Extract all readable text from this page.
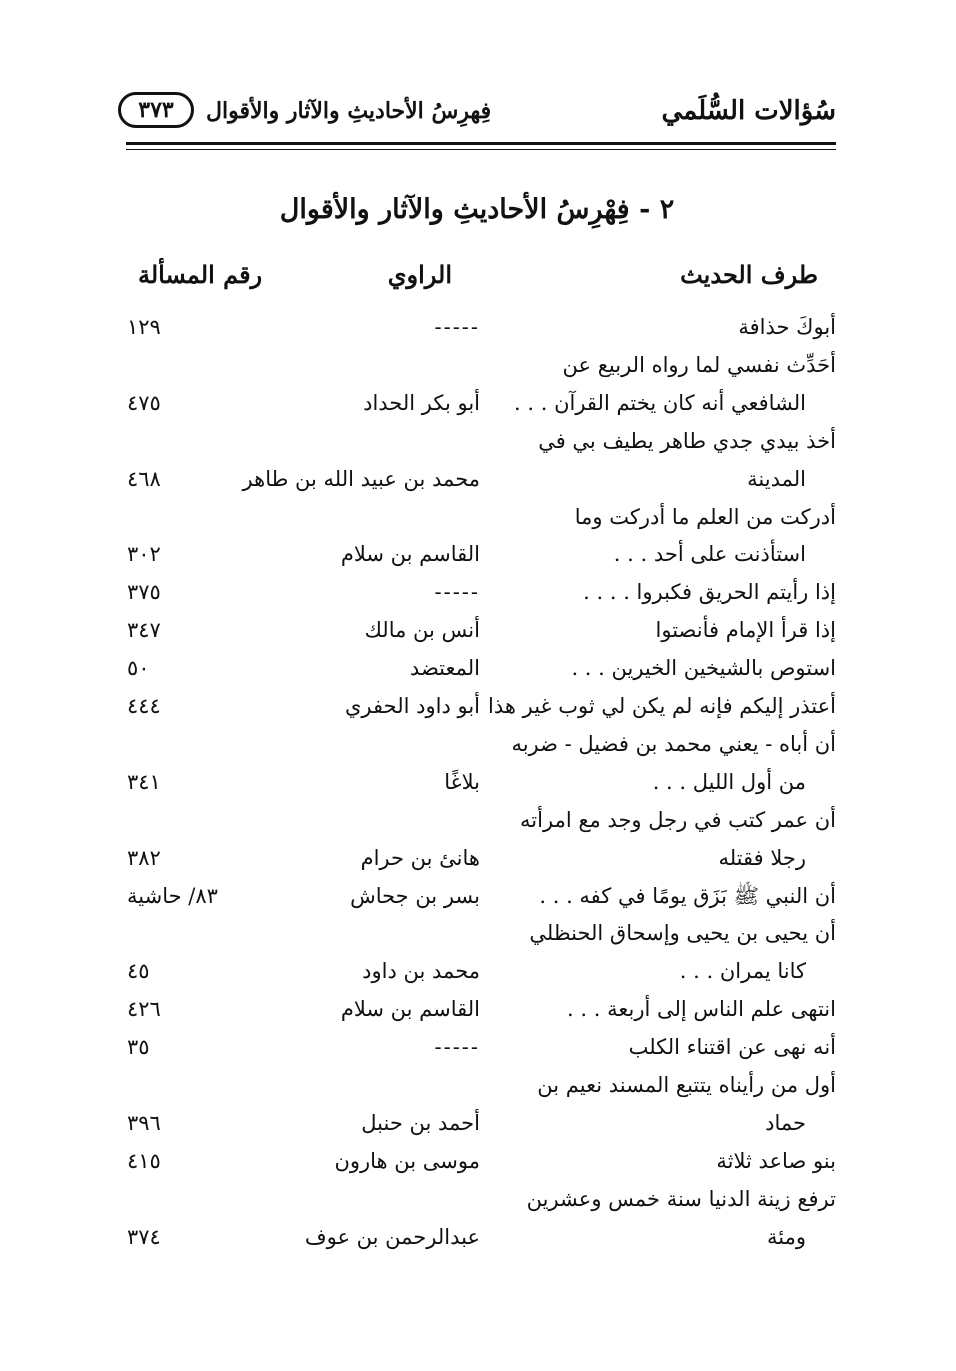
سُؤالات السُّلَمي
فِهرِسُ الأحاديثِ والآثار والأقوال
٣٧٣
٢ - فِهْرِسُ الأحاديثِ والآثار والأقوال
طرف الحديث
الراوي
رقم المسألة
أبوكَ حذافة
-----
١٢٩
أحَدِّث نفسي لما رواه الربيع عن
الشافعي أنه كان يختم القرآن . . .
أبو بكر الحداد
٤٧٥
أخذ بيدي جدي طاهر يطيف بي في
المدينة
محمد بن عبيد الله بن طاهر
٤٦٨
أدركت من العلم ما أدركت وما
استأذنت على أحد . . .
القاسم بن سلام
٣٠٢
إذا رأيتم الحريق فكبروا . . . .
-----
٣٧٥
إذا قرأ الإمام فأنصتوا
أنس بن مالك
٣٤٧
استوص بالشيخين الخيرين . . .
المعتضد
٥٠
أعتذر إليكم فإنه لم يكن لي ثوب غير هذا
أبو داود الحفري
٤٤٤
أن أباه - يعني محمد بن فضيل - ضربه
من أول الليل . . .
بلاغًا
٣٤١
أن عمر كتب في رجل وجد مع امرأته
رجلا فقتله
هانئ بن حرام
٣٨٢
أن النبي ﷺ بَزَق يومًا في كفه . . .
بسر بن جحاش
٨٣/ حاشية
أن يحيى بن يحيى وإسحاق الحنظلي
كانا يمران . . .
محمد بن داود
٤٥
انتهى علم الناس إلى أربعة . . .
القاسم بن سلام
٤٢٦
أنه نهى عن اقتناء الكلب
-----
٣٥
أول من رأيناه يتتبع المسند نعيم بن
حماد
أحمد بن حنبل
٣٩٦
بنو صاعد ثلاثة
موسى بن هارون
٤١٥
ترفع زينة الدنيا سنة خمس وعشرين
ومئة
عبدالرحمن بن عوف
٣٧٤
